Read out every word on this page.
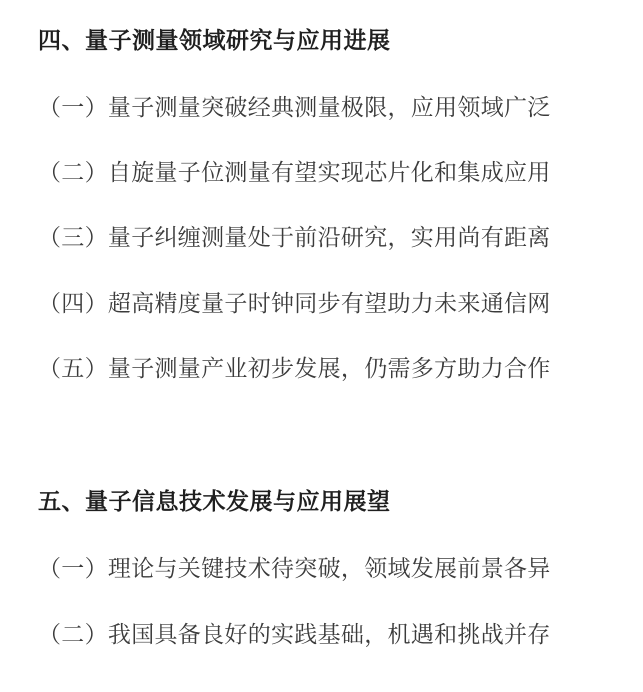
四、量子测量领域研究与应用进展
（一）量子测量突破经典测量极限，应用领域广泛
（二）自旋量子位测量有望实现芯片化和集成应用
（三）量子纠缠测量处于前沿研究，实用尚有距离
（四）超高精度量子时钟同步有望助力未来通信网
（五）量子测量产业初步发展，仍需多方助力合作
五、量子信息技术发展与应用展望
（一）理论与关键技术待突破，领域发展前景各异
（二）我国具备良好的实践基础，机遇和挑战并存
